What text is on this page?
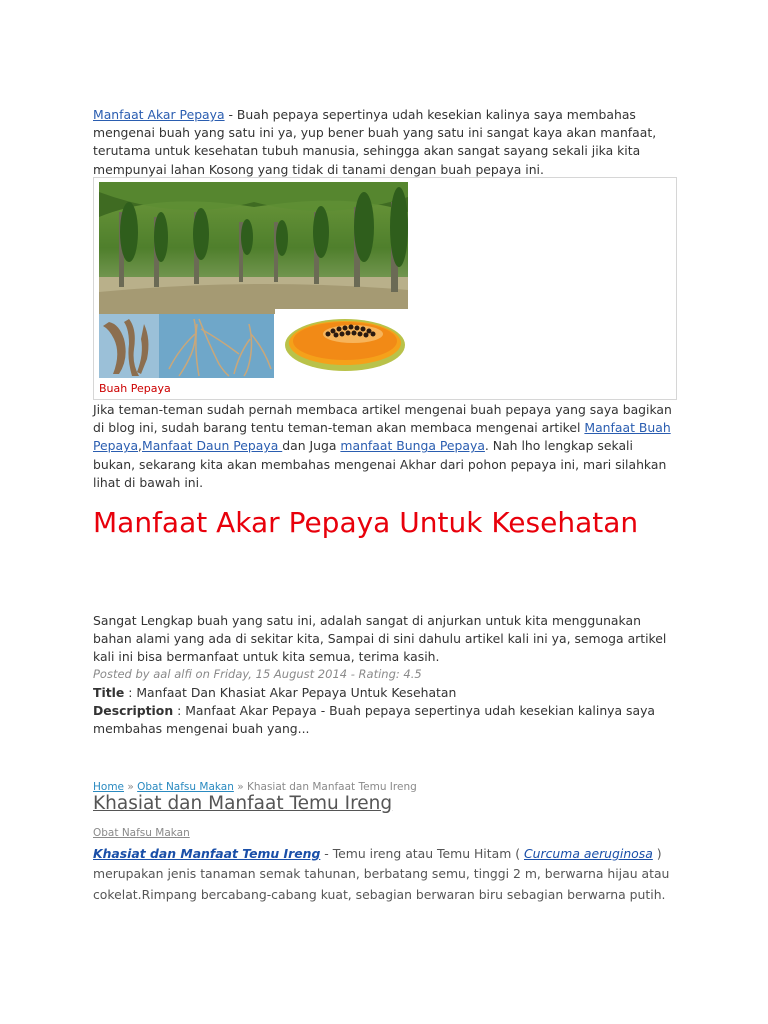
Manfaat Akar Pepaya - Buah pepaya sepertinya udah kesekian kalinya saya membahas mengenai buah yang satu ini ya, yup bener buah yang satu ini sangat kaya akan manfaat, terutama untuk kesehatan tubuh manusia, sehingga akan sangat sayang sekali jika kita mempunyai lahan Kosong yang tidak di tanami dengan buah pepaya ini.
Buah Pepaya
Jika teman-teman sudah pernah membaca artikel mengenai buah pepaya yang saya bagikan di blog ini, sudah barang tentu teman-teman akan membaca mengenai artikel Manfaat Buah Pepaya,Manfaat Daun Pepaya dan Juga manfaat Bunga Pepaya. Nah lho lengkap sekali bukan, sekarang kita akan membahas mengenai Akhar dari pohon pepaya ini, mari silahkan lihat di bawah ini.
Manfaat Akar Pepaya Untuk Kesehatan
Sangat Lengkap buah yang satu ini, adalah sangat di anjurkan untuk kita menggunakan bahan alami yang ada di sekitar kita, Sampai di sini dahulu artikel kali ini ya, semoga artikel kali ini bisa bermanfaat untuk kita semua, terima kasih.
Posted by aal alfi on Friday, 15 August 2014 - Rating: 4.5
Title : Manfaat Dan Khasiat Akar Pepaya Untuk Kesehatan
Description : Manfaat Akar Pepaya - Buah pepaya sepertinya udah kesekian kalinya saya membahas mengenai buah yang...
Home » Obat Nafsu Makan » Khasiat dan Manfaat Temu Ireng
Khasiat dan Manfaat Temu Ireng
Obat Nafsu Makan
Khasiat dan Manfaat Temu Ireng - Temu ireng atau Temu Hitam ( Curcuma aeruginosa ) merupakan jenis tanaman semak tahunan, berbatang semu, tinggi 2 m, berwarna hijau atau cokelat.Rimpang bercabang-cabang kuat, sebagian berwaran biru sebagian berwarna putih.
